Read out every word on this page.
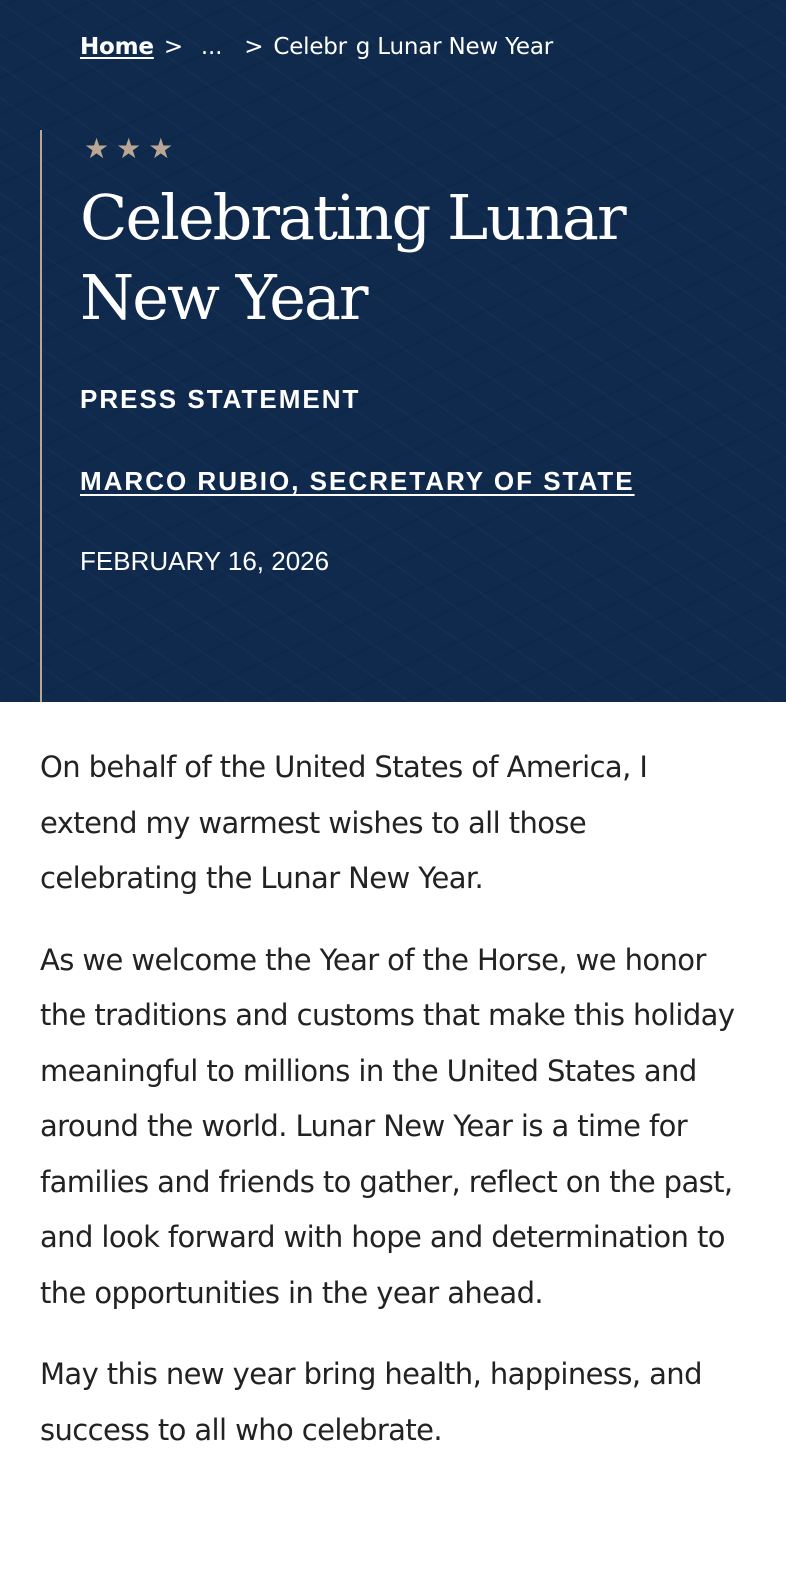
Home > ... > Celebr  g Lunar New Year
★★★
Celebrating Lunar New Year
PRESS STATEMENT
MARCO RUBIO, SECRETARY OF STATE
FEBRUARY 16, 2026

On behalf of the United States of America, I extend my warmest wishes to all those celebrating the Lunar New Year.

As we welcome the Year of the Horse, we honor the traditions and customs that make this holiday meaningful to millions in the United States and around the world. Lunar New Year is a time for families and friends to gather, reflect on the past, and look forward with hope and determination to the opportunities in the year ahead.

May this new year bring health, happiness, and success to all who celebrate.
